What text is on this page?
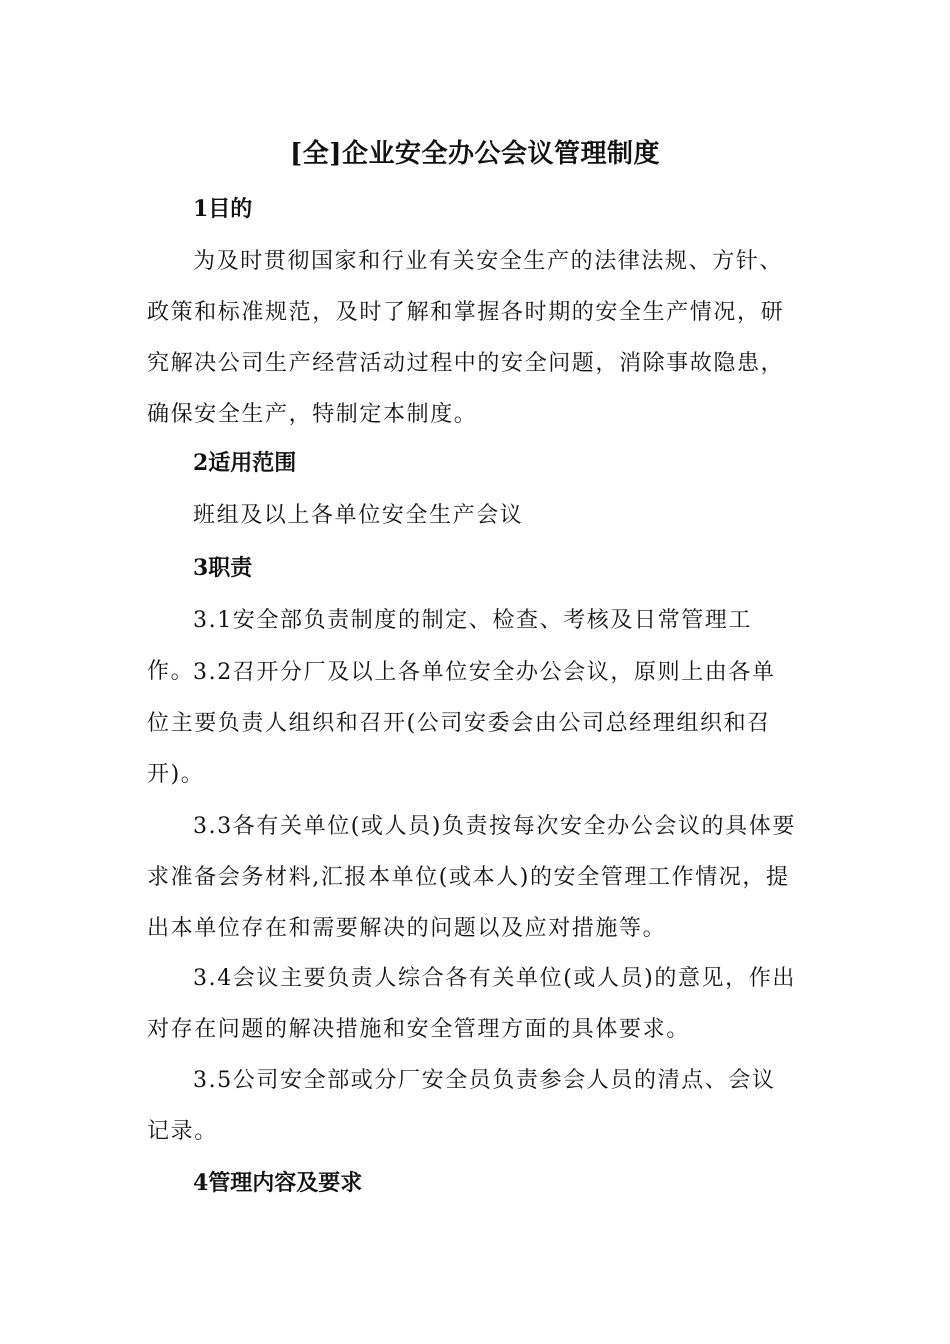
[全]企业安全办公会议管理制度
1目的

为及时贯彻国家和行业有关安全生产的法律法规、方针、政策和标准规范，及时了解和掌握各时期的安全生产情况，研究解决公司生产经营活动过程中的安全问题，消除事故隐患，确保安全生产，特制定本制度。

2适用范围

班组及以上各单位安全生产会议

3职责

3.1安全部负责制度的制定、检查、考核及日常管理工作。

3.2召开分厂及以上各单位安全办公会议，原则上由各单位主要负责人组织和召开(公司安委会由公司总经理组织和召开)。

3.3各有关单位(或人员)负责按每次安全办公会议的具体要求准备会务材料,汇报本单位(或本人)的安全管理工作情况，提出本单位存在和需要解决的问题以及应对措施等。

3.4会议主要负责人综合各有关单位(或人员)的意见，作出对存在问题的解决措施和安全管理方面的具体要求。

3.5公司安全部或分厂安全员负责参会人员的清点、会议记录。

4管理内容及要求
